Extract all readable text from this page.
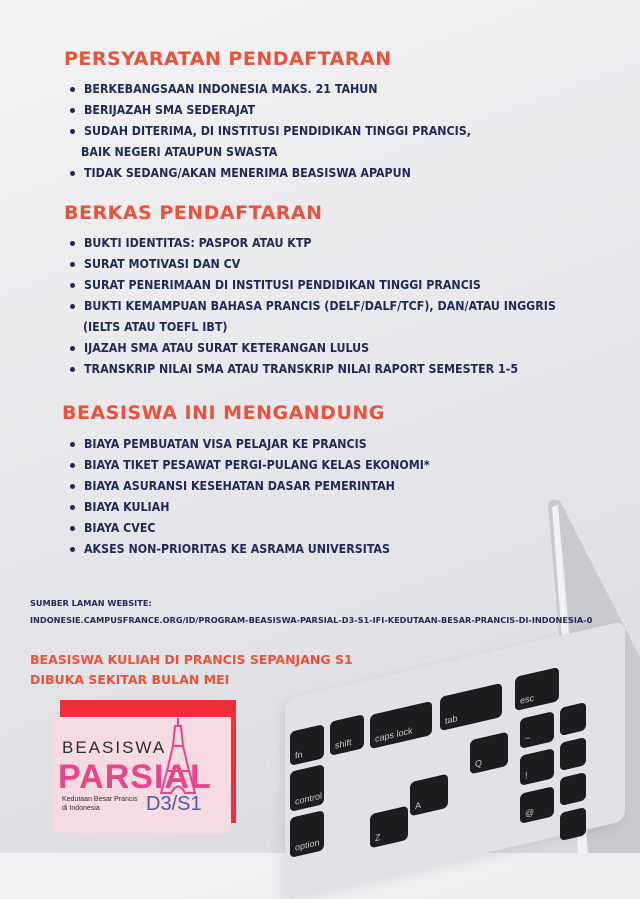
PERSYARATAN PENDAFTARAN
BERKEBANGSAAN INDONESIA MAKS. 21 TAHUN
BERIJAZAH SMA SEDERAJAT
SUDAH DITERIMA, DI INSTITUSI PENDIDIKAN TINGGI PRANCIS,
BAIK NEGERI ATAUPUN SWASTA
TIDAK SEDANG/AKAN MENERIMA BEASISWA APAPUN
BERKAS PENDAFTARAN
BUKTI IDENTITAS: PASPOR ATAU KTP
SURAT MOTIVASI DAN CV
SURAT PENERIMAAN DI INSTITUSI PENDIDIKAN TINGGI PRANCIS
BUKTI KEMAMPUAN BAHASA PRANCIS (DELF/DALF/TCF), DAN/ATAU INGGRIS
(IELTS ATAU TOEFL IBT)
IJAZAH SMA ATAU SURAT KETERANGAN LULUS
TRANSKRIP NILAI SMA ATAU TRANSKRIP NILAI RAPORT SEMESTER 1-5
BEASISWA INI MENGANDUNG
BIAYA PEMBUATAN VISA PELAJAR KE PRANCIS
BIAYA TIKET PESAWAT PERGI-PULANG KELAS EKONOMI*
BIAYA ASURANSI KESEHATAN DASAR PEMERINTAH
BIAYA KULIAH
BIAYA CVEC
AKSES NON-PRIORITAS KE ASRAMA UNIVERSITAS
esc
tab
caps lock
shift
fn
control
option
Q
A
Z
~
!
@
SUMBER LAMAN WEBSITE:
INDONESIE.CAMPUSFRANCE.ORG/ID/PROGRAM-BEASISWA-PARSIAL-D3-S1-IFI-KEDUTAAN-BESAR-PRANCIS-DI-INDONESIA-0
BEASISWA KULIAH DI PRANCIS SEPANJANG S1
DIBUKA SEKITAR BULAN MEI
BEASISWA
PARSIAL
Kedutaan Besar Prancis
di Indonesia	D3/S1
